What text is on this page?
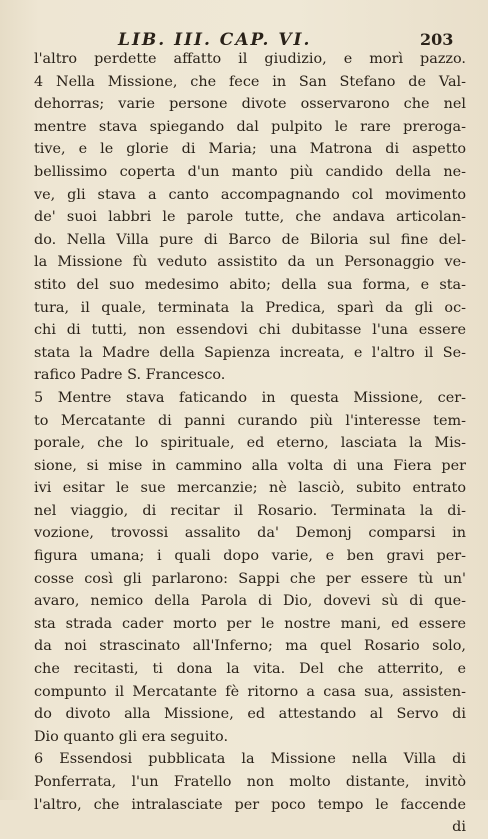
LIB. III. CAP. VI.	203
l'altro perdette affatto il giudizio, e morì pazzo.
4 Nella Missione, che fece in San Stefano de Val-
dehorras; varie persone divote osservarono che nel
mentre stava spiegando dal pulpito le rare preroga-
tive, e le glorie di Maria; una Matrona di aspetto
bellissimo coperta d'un manto più candido della ne-
ve, gli stava a canto accompagnando col movimento
de' suoi labbri le parole tutte, che andava articolan-
do. Nella Villa pure di Barco de Biloria sul fine del-
la Missione fù veduto assistito da un Personaggio ve-
stito del suo medesimo abito; della sua forma, e sta-
tura, il quale, terminata la Predica, sparì da gli oc-
chi di tutti, non essendovi chi dubitasse l'una essere
stata la Madre della Sapienza increata, e l'altro il Se-
rafico Padre S. Francesco.
5 Mentre stava faticando in questa Missione, cer-
to Mercatante di panni curando più l'interesse tem-
porale, che lo spirituale, ed eterno, lasciata la Mis-
sione, si mise in cammino alla volta di una Fiera per
ivi esitar le sue mercanzie; nè lasciò, subito entrato
nel viaggio, di recitar il Rosario. Terminata la di-
vozione, trovossi assalito da' Demonj comparsi in
figura umana; i quali dopo varie, e ben gravi per-
cosse così gli parlarono: Sappi che per essere tù un'
avaro, nemico della Parola di Dio, dovevi sù di que-
sta strada cader morto per le nostre mani, ed essere
da noi strascinato all'Inferno; ma quel Rosario solo,
che recitasti, ti dona la vita. Del che atterrito, e
compunto il Mercatante fè ritorno a casa sua, assisten-
do divoto alla Missione, ed attestando al Servo di
Dio quanto gli era seguito.
6 Essendosi pubblicata la Missione nella Villa di
Ponferrata, l'un Fratello non molto distante, invitò
l'altro, che intralasciate per poco tempo le faccende
di
